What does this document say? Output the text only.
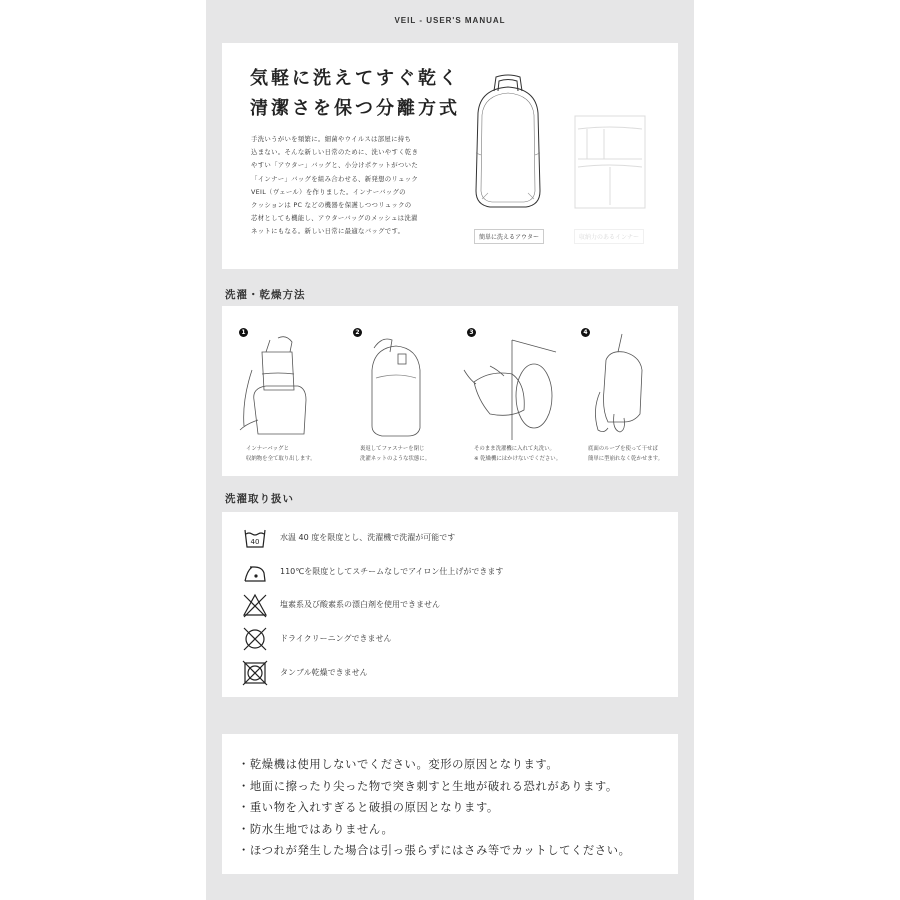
VEIL - USER'S MANUAL
気軽に洗えてすぐ乾く
清潔さを保つ分離方式
手洗いうがいを頻繁に。細菌やウイルスは部屋に持ち
込まない。そんな新しい日常のために、洗いやすく乾き
やすい「アウター」バッグと、小分けポケットがついた
「インナー」バッグを組み合わせる、新発想のリュック
VEIL（ヴェール）を作りました。インナーバッグの
クッションは PC などの機器を保護しつつリュックの
芯材としても機能し、アウターバッグのメッシュは洗濯
ネットにもなる。新しい日常に最適なバッグです。
簡単に洗えるアウター	収納力のあるインナー
洗濯・乾燥方法
1
インナーバッグと
収納物を全て取り出します。
2
裏返してファスナーを閉じ
洗濯ネットのような状態に。
3
そのまま洗濯機に入れて丸洗い。
※ 乾燥機にはかけないでください。
4
底面のループを使って干せば
簡単に型崩れなく乾かせます。
洗濯取り扱い
40	水温 40 度を限度とし、洗濯機で洗濯が可能です
110℃を限度としてスチームなしでアイロン仕上げができます
塩素系及び酸素系の漂白剤を使用できません
ドライクリーニングできません
タンブル乾燥できません
・乾燥機は使用しないでください。変形の原因となります。
・地面に擦ったり尖った物で突き刺すと生地が破れる恐れがあります。
・重い物を入れすぎると破損の原因となります。
・防水生地ではありません。
・ほつれが発生した場合は引っ張らずにはさみ等でカットしてください。
